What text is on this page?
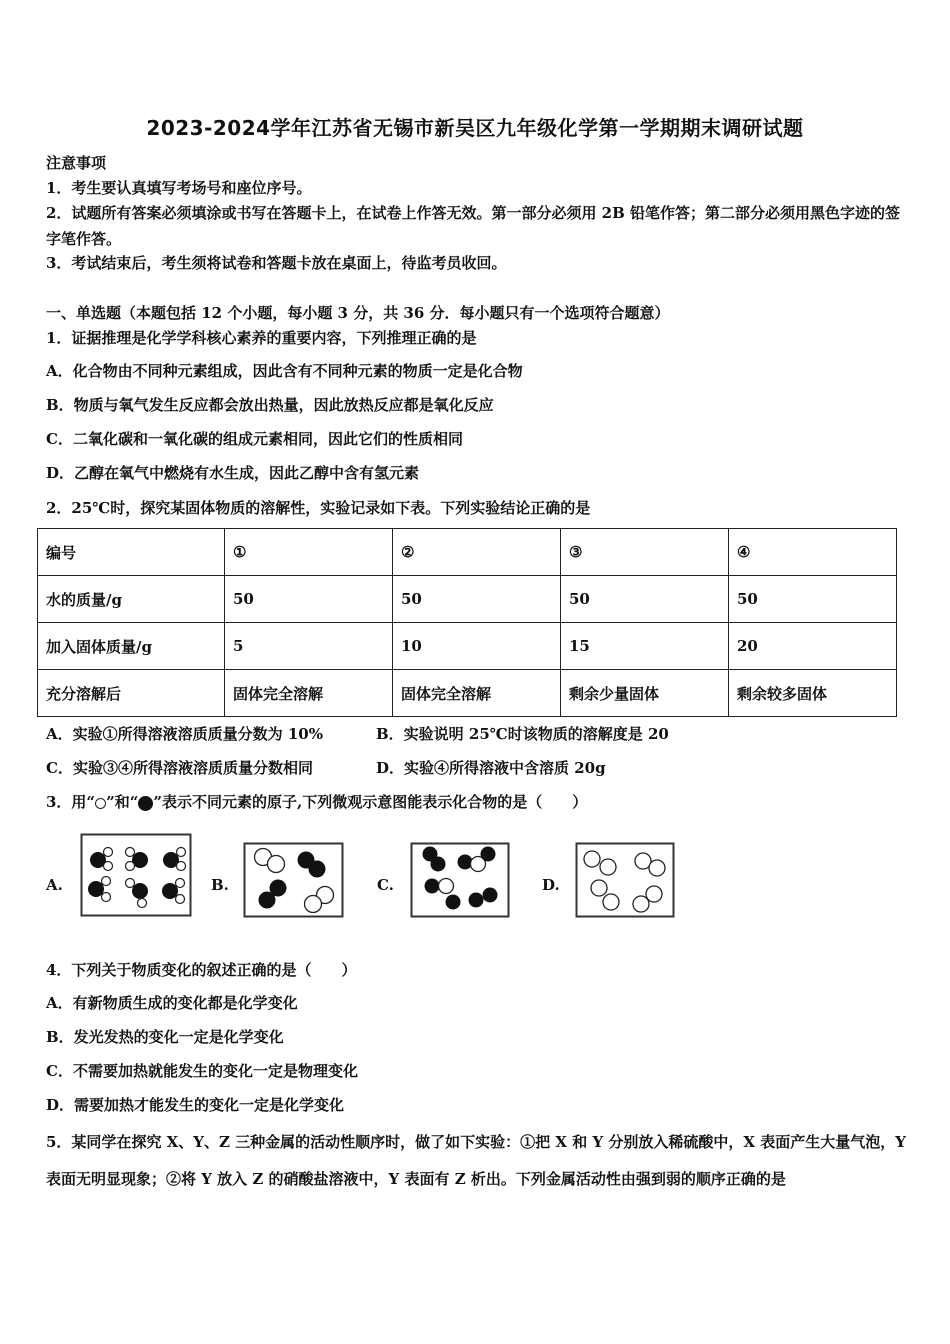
2023-2024学年江苏省无锡市新吴区九年级化学第一学期期末调研试题
注意事项
1．考生要认真填写考场号和座位序号。
2．试题所有答案必须填涂或书写在答题卡上，在试卷上作答无效。第一部分必须用 2B 铅笔作答；第二部分必须用黑色字迹的签字笔作答。
3．考试结束后，考生须将试卷和答题卡放在桌面上，待监考员收回。
一、单选题（本题包括 12 个小题，每小题 3 分，共 36 分．每小题只有一个选项符合题意）
1．证据推理是化学学科核心素养的重要内容，下列推理正确的是
A．化合物由不同种元素组成，因此含有不同种元素的物质一定是化合物
B．物质与氧气发生反应都会放出热量，因此放热反应都是氧化反应
C．二氧化碳和一氧化碳的组成元素相同，因此它们的性质相同
D．乙醇在氧气中燃烧有水生成，因此乙醇中含有氢元素
2．25℃时，探究某固体物质的溶解性，实验记录如下表。下列实验结论正确的是
编号	①	②	③	④
水的质量/g	50	50	50	50
加入固体质量/g	5	10	15	20
充分溶解后	固体完全溶解	固体完全溶解	剩余少量固体	剩余较多固体
A．实验①所得溶液溶质质量分数为 10%	B．实验说明 25℃时该物质的溶解度是 20
C．实验③④所得溶液溶质质量分数相同	D．实验④所得溶液中含溶质 20g
3．用“ ”和“ ”表示不同元素的原子,下列微观示意图能表示化合物的是（　　）
A.	B.	C.	D.
4．下列关于物质变化的叙述正确的是（　　）
A．有新物质生成的变化都是化学变化
B．发光发热的变化一定是化学变化
C．不需要加热就能发生的变化一定是物理变化
D．需要加热才能发生的变化一定是化学变化
5．某同学在探究 X、Y、Z 三种金属的活动性顺序时，做了如下实验：①把 X 和 Y 分别放入稀硫酸中，X 表面产生大量气泡，Y 表面无明显现象；②将 Y 放入 Z 的硝酸盐溶液中，Y 表面有 Z 析出。下列金属活动性由强到弱的顺序正确的是
